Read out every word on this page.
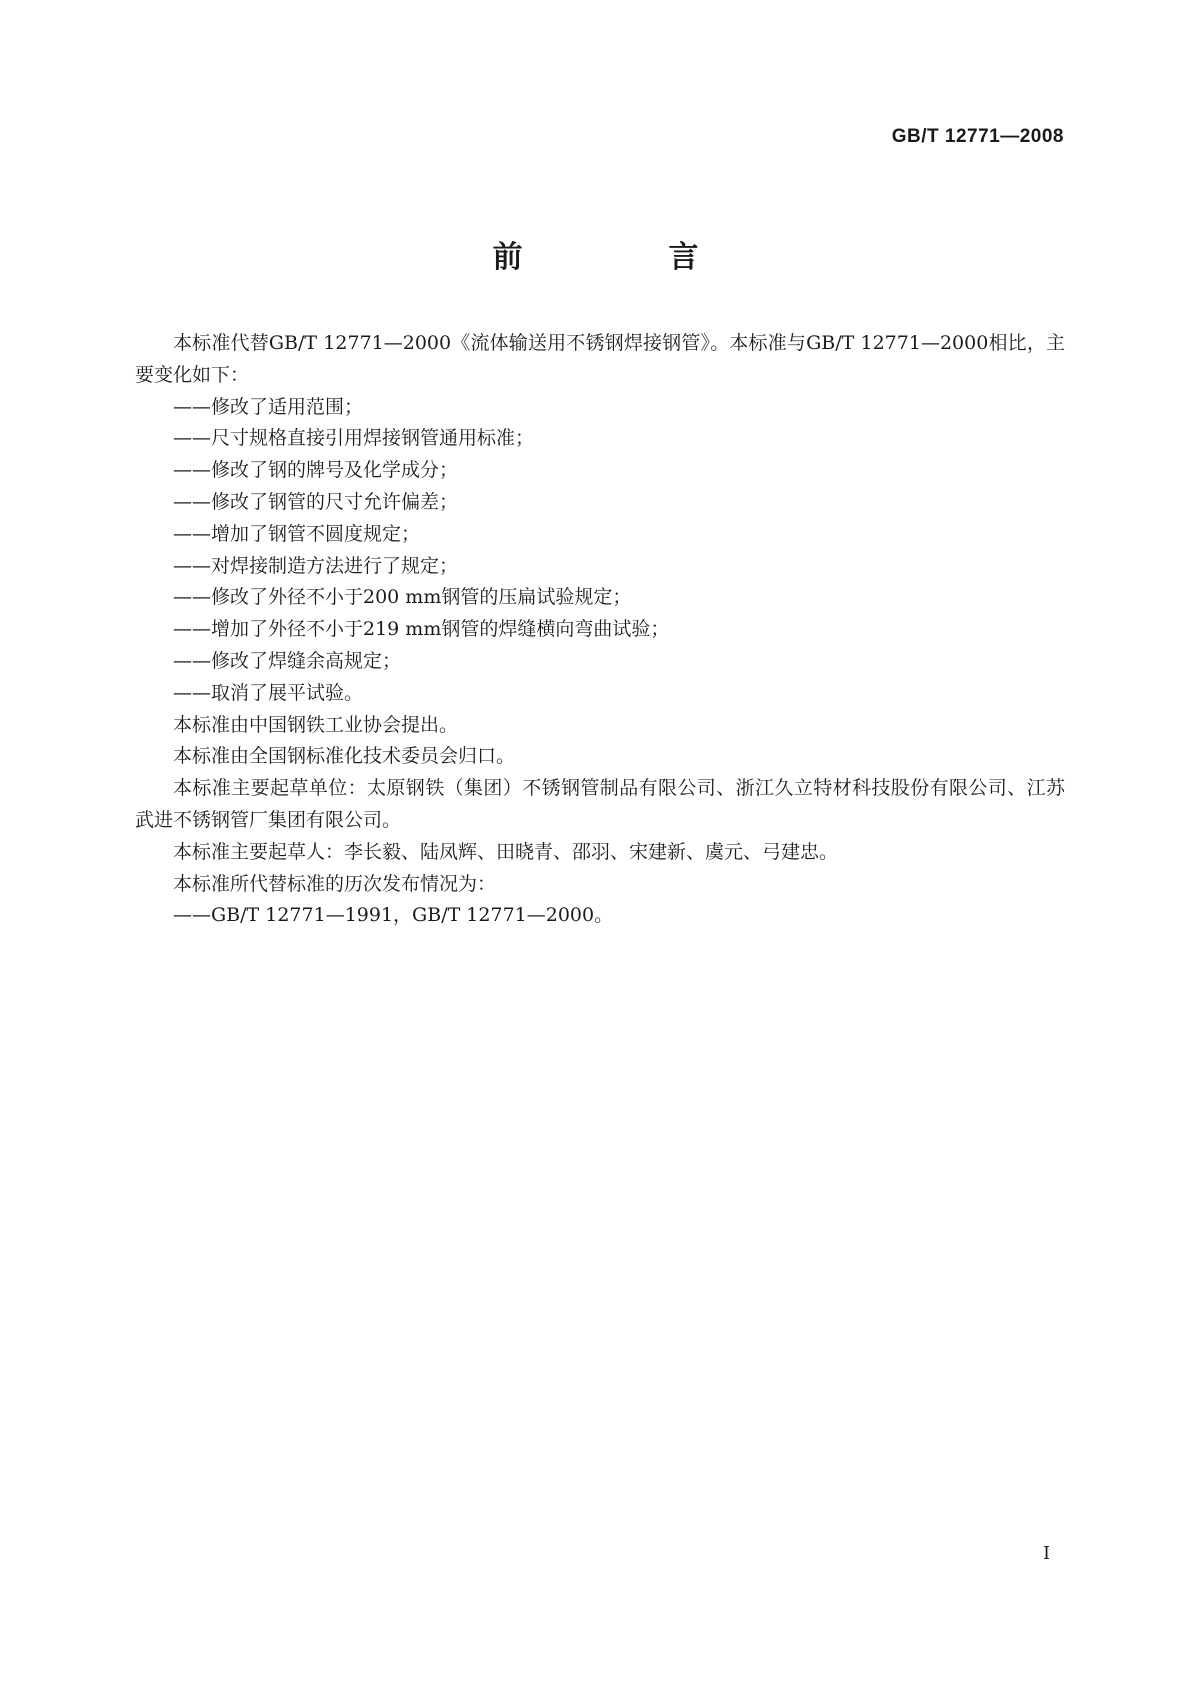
GB/T 12771—2008
前　言

本标准代替GB/T 12771—2000《流体输送用不锈钢焊接钢管》。本标准与GB/T 12771—2000相比，主要变化如下：

——修改了适用范围；

——尺寸规格直接引用焊接钢管通用标准；

——修改了钢的牌号及化学成分；

——修改了钢管的尺寸允许偏差；

——增加了钢管不圆度规定；

——对焊接制造方法进行了规定；

——修改了外径不小于200 mm钢管的压扁试验规定；

——增加了外径不小于219 mm钢管的焊缝横向弯曲试验；

——修改了焊缝余高规定；

——取消了展平试验。

本标准由中国钢铁工业协会提出。

本标准由全国钢标准化技术委员会归口。

本标准主要起草单位：太原钢铁（集团）不锈钢管制品有限公司、浙江久立特材科技股份有限公司、江苏武进不锈钢管厂集团有限公司。

本标准主要起草人：李长毅、陆凤辉、田晓青、邵羽、宋建新、虞元、弓建忠。

本标准所代替标准的历次发布情况为：

——GB/T 12771—1991，GB/T 12771—2000。

I
